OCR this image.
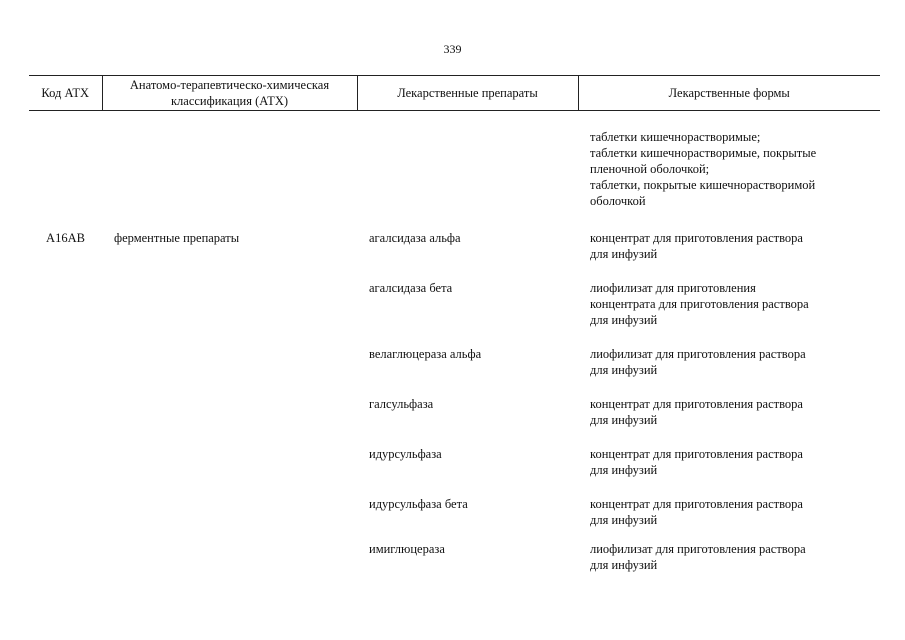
339
Код АТХ	Анатомо-терапевтическо-химическая
классификация (АТХ)	Лекарственные препараты	Лекарственные формы

			таблетки кишечнорастворимые;
таблетки кишечнорастворимые, покрытые
пленочной оболочкой;
таблетки, покрытые кишечнорастворимой
оболочкой

A16AB	ферментные препараты	агалсидаза альфа	концентрат для приготовления раствора
для инфузий

		агалсидаза бета	лиофилизат для приготовления
концентрата для приготовления раствора
для инфузий

		велаглюцераза альфа	лиофилизат для приготовления раствора
для инфузий

		галсульфаза	концентрат для приготовления раствора
для инфузий

		идурсульфаза	концентрат для приготовления раствора
для инфузий

		идурсульфаза бета	концентрат для приготовления раствора
для инфузий

		имиглюцераза	лиофилизат для приготовления раствора
для инфузий
